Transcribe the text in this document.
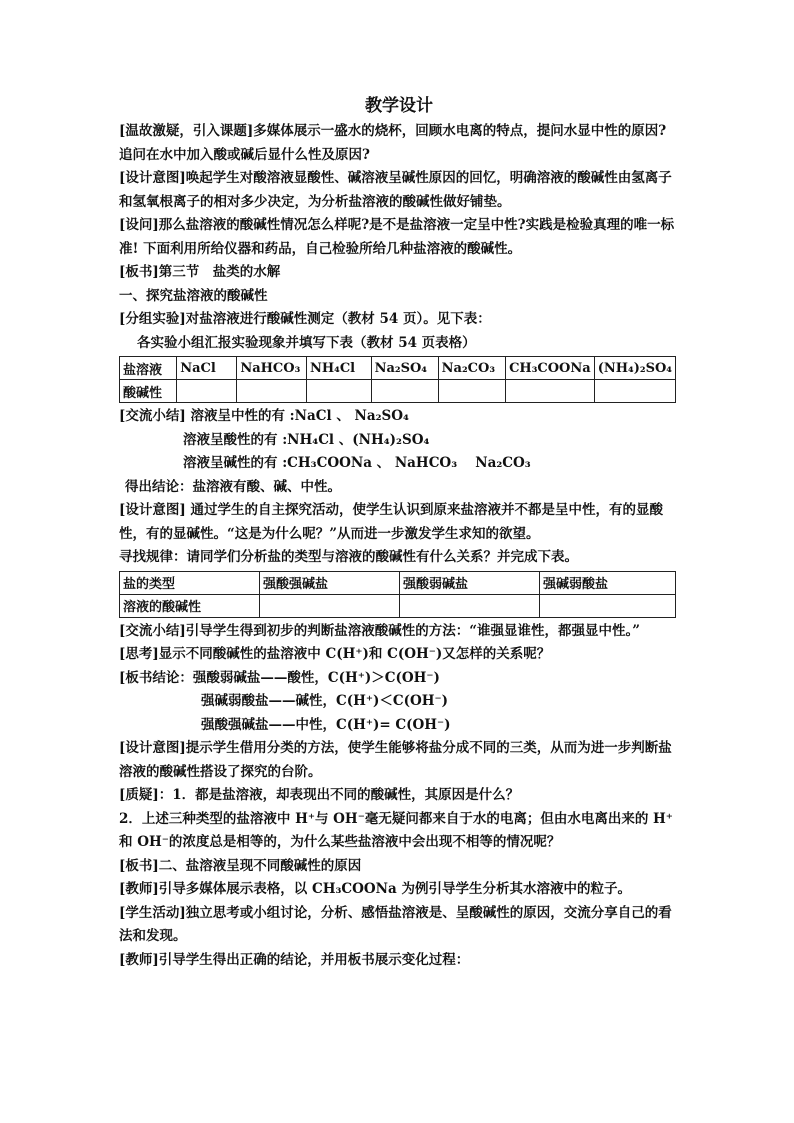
教学设计

[温故激疑，引入课题]多媒体展示一盛水的烧杯，回顾水电离的特点，提问水显中性的原因?追问在水中加入酸或碱后显什么性及原因?

[设计意图]唤起学生对酸溶液显酸性、碱溶液呈碱性原因的回忆，明确溶液的酸碱性由氢离子和氢氧根离子的相对多少决定，为分析盐溶液的酸碱性做好铺垫。

[设问]那么盐溶液的酸碱性情况怎么样呢?是不是盐溶液一定呈中性?实践是检验真理的唯一标准! 下面利用所给仪器和药品，自己检验所给几种盐溶液的酸碱性。

[板书]第三节　盐类的水解

一、探究盐溶液的酸碱性

[分组实验]对盐溶液进行酸碱性测定（教材 54 页）。见下表：

各实验小组汇报实验现象并填写下表（教材 54 页表格）

盐溶液	NaCl	NaHCO₃	NH₄Cl	Na₂SO₄	Na₂CO₃	CH₃COONa	(NH₄)₂SO₄
酸碱性							

[交流小结] 溶液呈中性的有 :NaCl 、 Na₂SO₄

溶液呈酸性的有 :NH₄Cl 、(NH₄)₂SO₄

溶液呈碱性的有 :CH₃COONa 、 NaHCO₃　 Na₂CO₃

得出结论：盐溶液有酸、碱、中性。

[设计意图] 通过学生的自主探究活动，使学生认识到原来盐溶液并不都是呈中性，有的显酸性，有的显碱性。“这是为什么呢？”从而进一步激发学生求知的欲望。

寻找规律：请同学们分析盐的类型与溶液的酸碱性有什么关系？并完成下表。

盐的类型	强酸强碱盐	强酸弱碱盐	强碱弱酸盐
溶液的酸碱性			

[交流小结]引导学生得到初步的判断盐溶液酸碱性的方法：“谁强显谁性，都强显中性。”

[思考]显示不同酸碱性的盐溶液中 C(H⁺)和 C(OH⁻)又怎样的关系呢？

[板书结论：强酸弱碱盐——酸性，C(H⁺)＞C(OH⁻)

强碱弱酸盐——碱性，C(H⁺)＜C(OH⁻)

强酸强碱盐——中性，C(H⁺)= C(OH⁻)

[设计意图]提示学生借用分类的方法，使学生能够将盐分成不同的三类，从而为进一步判断盐溶液的酸碱性搭设了探究的台阶。

[质疑]：1．都是盐溶液，却表现出不同的酸碱性，其原因是什么？

2．上述三种类型的盐溶液中 H⁺与 OH⁻毫无疑问都来自于水的电离；但由水电离出来的 H⁺和 OH⁻的浓度总是相等的，为什么某些盐溶液中会出现不相等的情况呢？

[板书]二、盐溶液呈现不同酸碱性的原因

[教师]引导多媒体展示表格，以 CH₃COONa 为例引导学生分析其水溶液中的粒子。

[学生活动]独立思考或小组讨论，分析、感悟盐溶液是、呈酸碱性的原因，交流分享自己的看法和发现。

[教师]引导学生得出正确的结论，并用板书展示变化过程：
